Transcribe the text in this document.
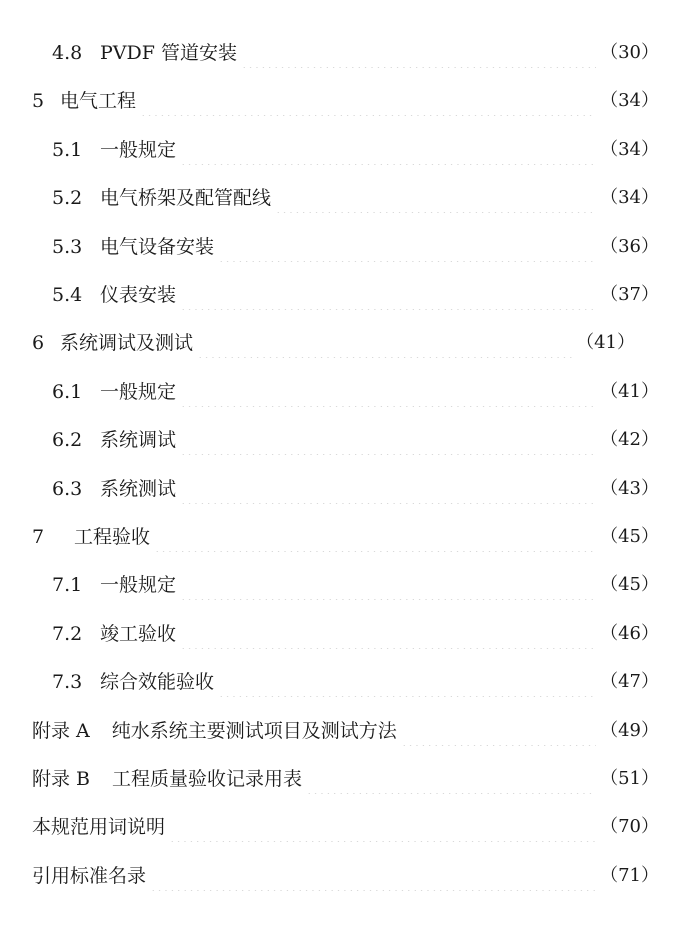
4.8 PVDF 管道安装	（30）
5 电气工程	（34）
5.1 一般规定	（34）
5.2 电气桥架及配管配线	（34）
5.3 电气设备安装	（36）
5.4 仪表安装	（37）
6 系统调试及测试	（41）
6.1 一般规定	（41）
6.2 系统调试	（42）
6.3 系统测试	（43）
7	工程验收	（45）
7.1 一般规定	（45）
7.2 竣工验收	（46）
7.3 综合效能验收	（47）
附录 A 纯水系统主要测试项目及测试方法	（49）
附录 B 工程质量验收记录用表	（51）
本规范用词说明	（70）
引用标准名录	（71）
